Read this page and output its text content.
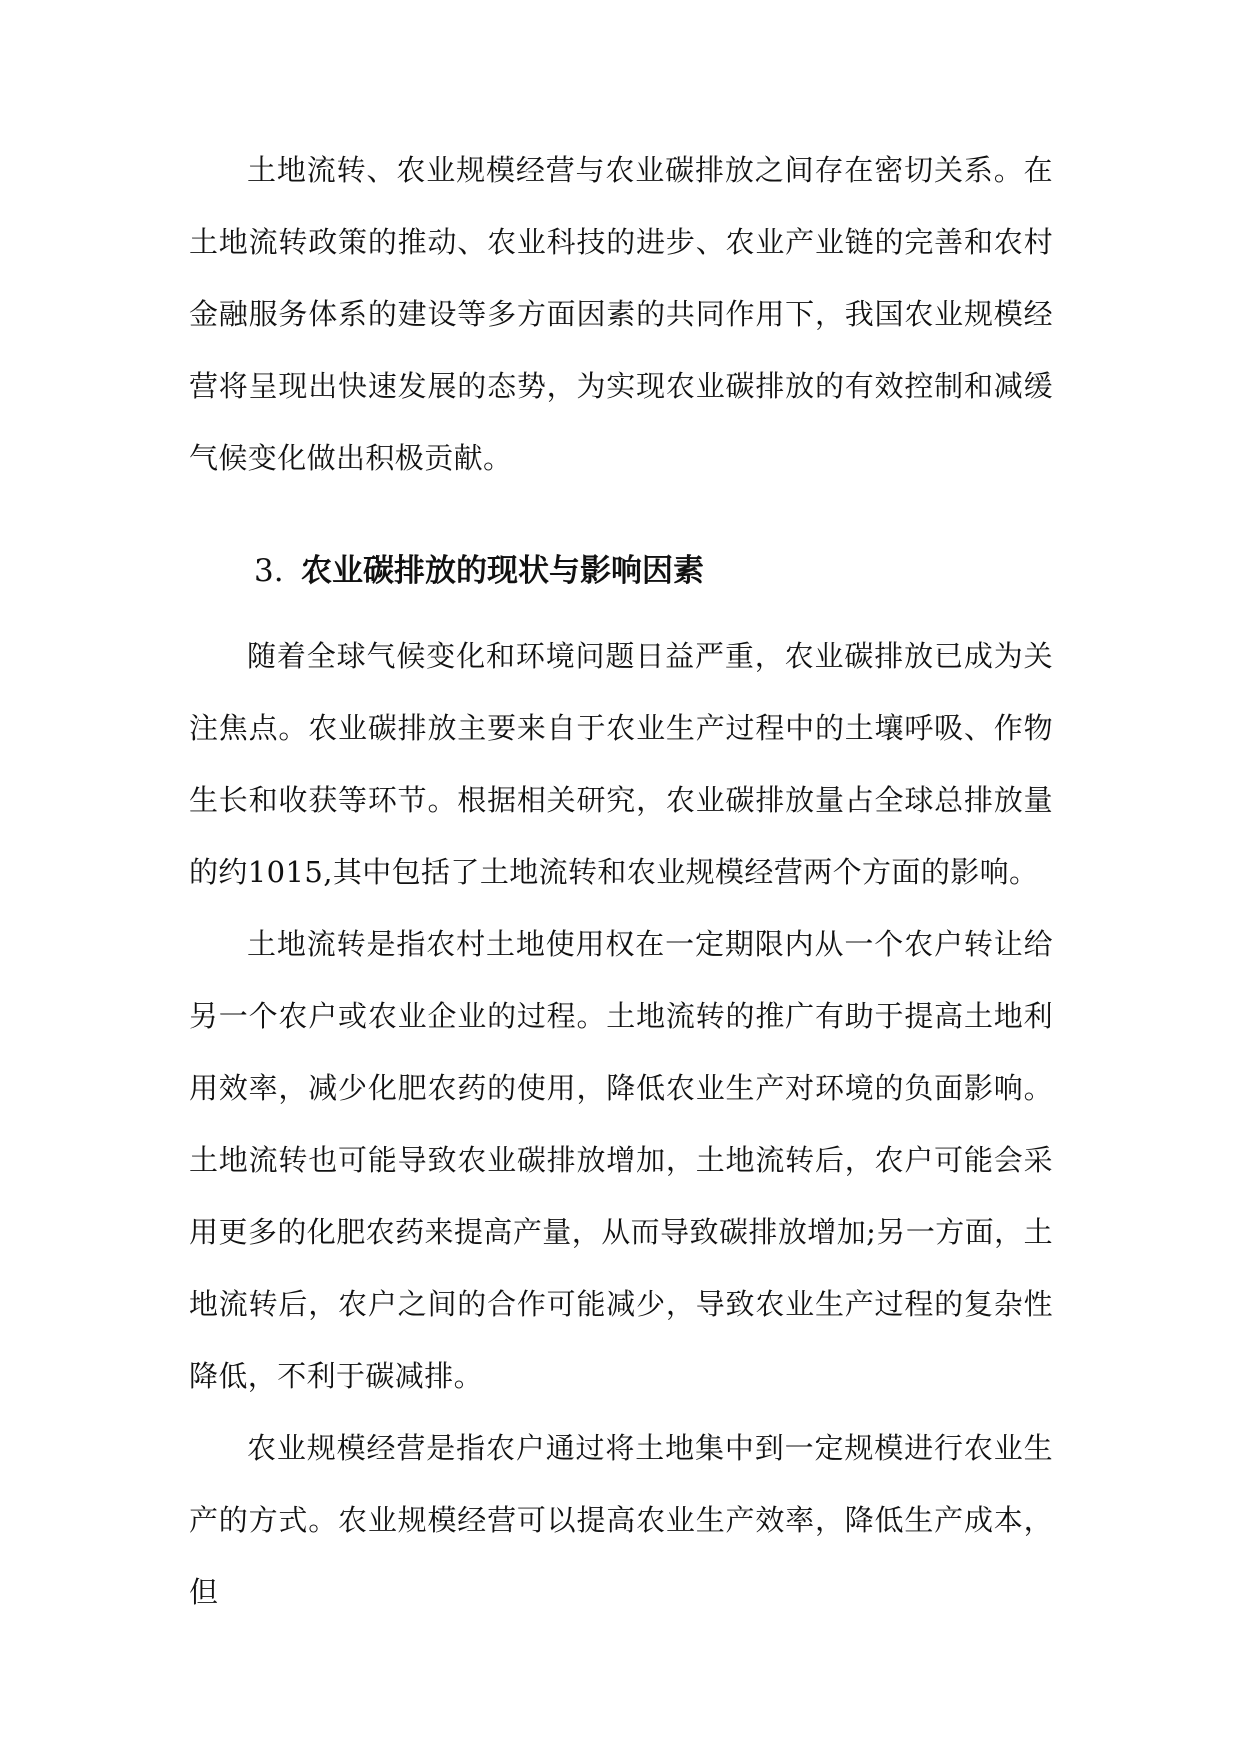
土地流转、农业规模经营与农业碳排放之间存在密切关系。在土地流转政策的推动、农业科技的进步、农业产业链的完善和农村金融服务体系的建设等多方面因素的共同作用下，我国农业规模经营将呈现出快速发展的态势，为实现农业碳排放的有效控制和减缓气候变化做出积极贡献。

3. 农业碳排放的现状与影响因素

随着全球气候变化和环境问题日益严重，农业碳排放已成为关注焦点。农业碳排放主要来自于农业生产过程中的土壤呼吸、作物生长和收获等环节。根据相关研究，农业碳排放量占全球总排放量的约1015,其中包括了土地流转和农业规模经营两个方面的影响。

土地流转是指农村土地使用权在一定期限内从一个农户转让给另一个农户或农业企业的过程。土地流转的推广有助于提高土地利用效率，减少化肥农药的使用，降低农业生产对环境的负面影响。土地流转也可能导致农业碳排放增加，土地流转后，农户可能会采用更多的化肥农药来提高产量，从而导致碳排放增加;另一方面，土地流转后，农户之间的合作可能减少，导致农业生产过程的复杂性降低，不利于碳减排。

农业规模经营是指农户通过将土地集中到一定规模进行农业生产的方式。农业规模经营可以提高农业生产效率，降低生产成本，但
